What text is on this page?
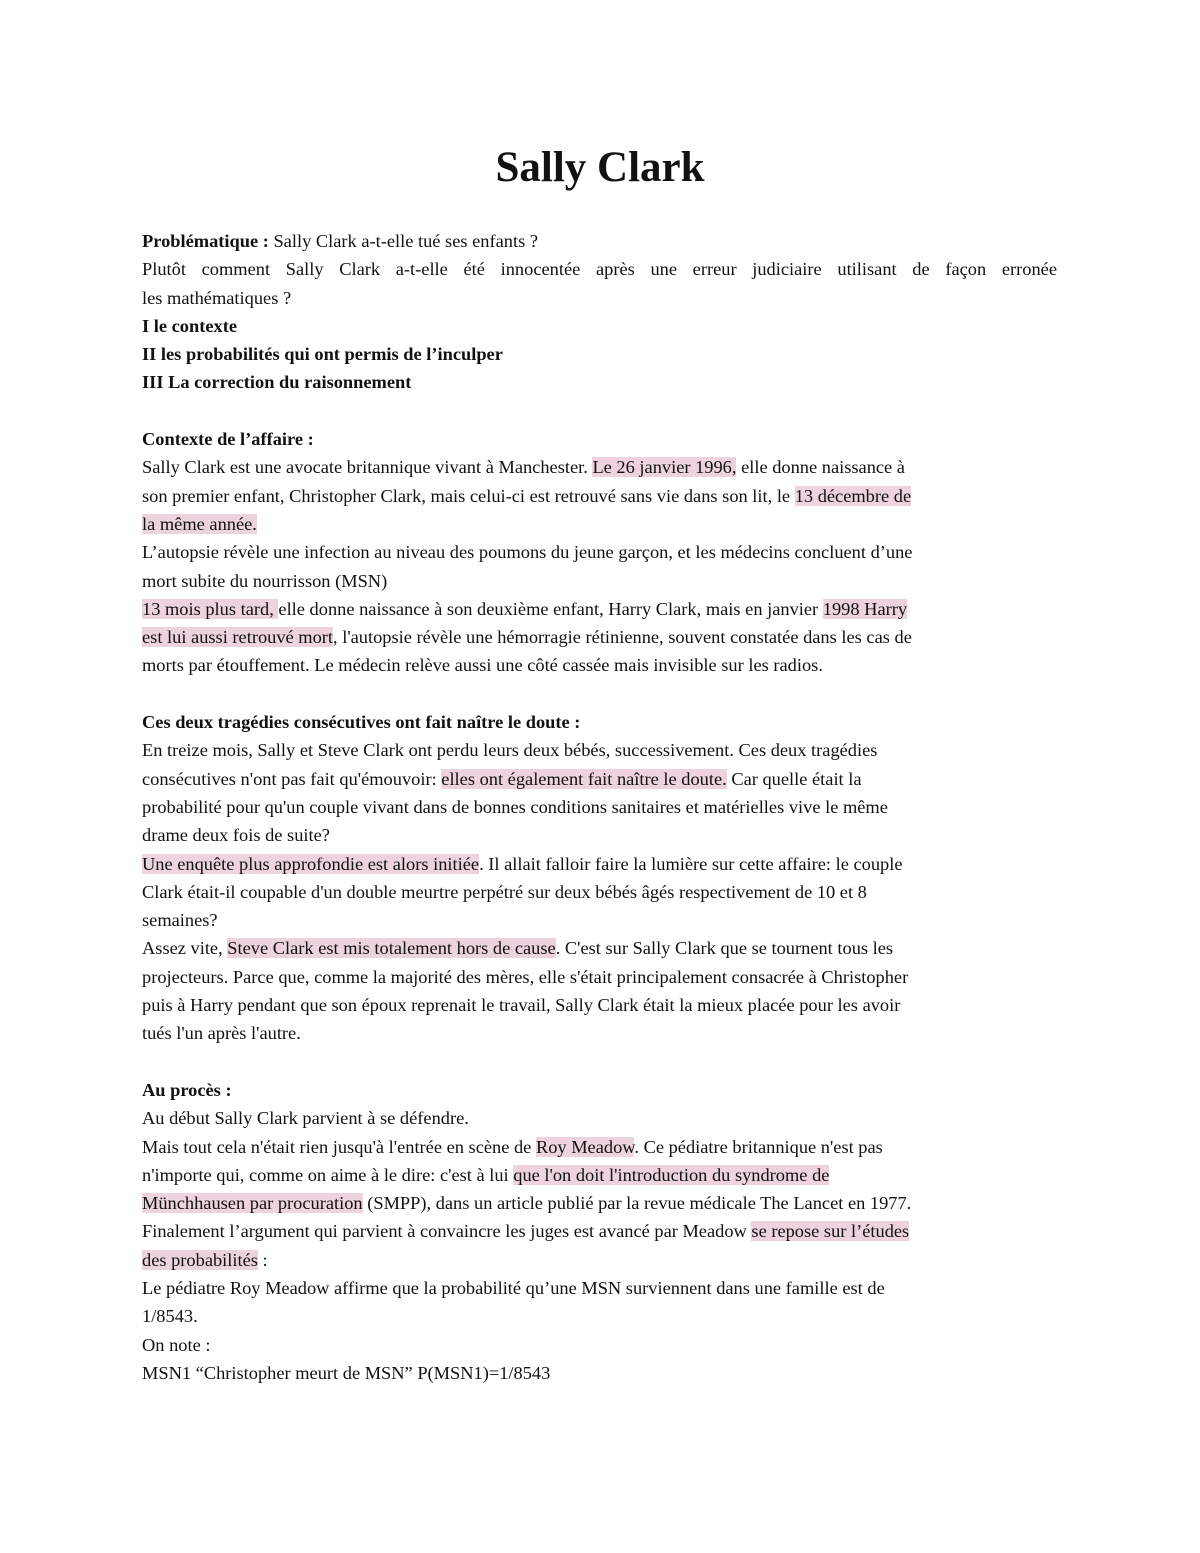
Sally Clark
Problématique : Sally Clark a-t-elle tué ses enfants ?
Plutôt comment Sally Clark a-t-elle été innocentée après une erreur judiciaire utilisant de façon erronée
les mathématiques ?
I le contexte
II les probabilités qui ont permis de l’inculper
III La correction du raisonnement
Contexte de l’affaire :
Sally Clark est une avocate britannique vivant à Manchester. Le 26 janvier 1996, elle donne naissance à
son premier enfant, Christopher Clark, mais celui-ci est retrouvé sans vie dans son lit, le 13 décembre de
la même année.
L’autopsie révèle une infection au niveau des poumons du jeune garçon, et les médecins concluent d’une
mort subite du nourrisson (MSN)
13 mois plus tard, elle donne naissance à son deuxième enfant, Harry Clark, mais en janvier 1998 Harry
est lui aussi retrouvé mort, l'autopsie révèle une hémorragie rétinienne, souvent constatée dans les cas de
morts par étouffement. Le médecin relève aussi une côté cassée mais invisible sur les radios.
Ces deux tragédies consécutives ont fait naître le doute :
En treize mois, Sally et Steve Clark ont perdu leurs deux bébés, successivement. Ces deux tragédies
consécutives n'ont pas fait qu'émouvoir: elles ont également fait naître le doute. Car quelle était la
probabilité pour qu'un couple vivant dans de bonnes conditions sanitaires et matérielles vive le même
drame deux fois de suite?
Une enquête plus approfondie est alors initiée. Il allait falloir faire la lumière sur cette affaire: le couple
Clark était-il coupable d'un double meurtre perpétré sur deux bébés âgés respectivement de 10 et 8
semaines?
Assez vite, Steve Clark est mis totalement hors de cause. C'est sur Sally Clark que se tournent tous les
projecteurs. Parce que, comme la majorité des mères, elle s'était principalement consacrée à Christopher
puis à Harry pendant que son époux reprenait le travail, Sally Clark était la mieux placée pour les avoir
tués l'un après l'autre.
Au procès :
Au début Sally Clark parvient à se défendre.
Mais tout cela n'était rien jusqu'à l'entrée en scène de Roy Meadow. Ce pédiatre britannique n'est pas
n'importe qui, comme on aime à le dire: c'est à lui que l'on doit l'introduction du syndrome de
Münchhausen par procuration (SMPP), dans un article publié par la revue médicale The Lancet en 1977.
Finalement l’argument qui parvient à convaincre les juges est avancé par Meadow se repose sur l’études
des probabilités :
Le pédiatre Roy Meadow affirme que la probabilité qu’une MSN surviennent dans une famille est de
1/8543.
On note :
MSN1 “Christopher meurt de MSN” P(MSN1)=1/8543
